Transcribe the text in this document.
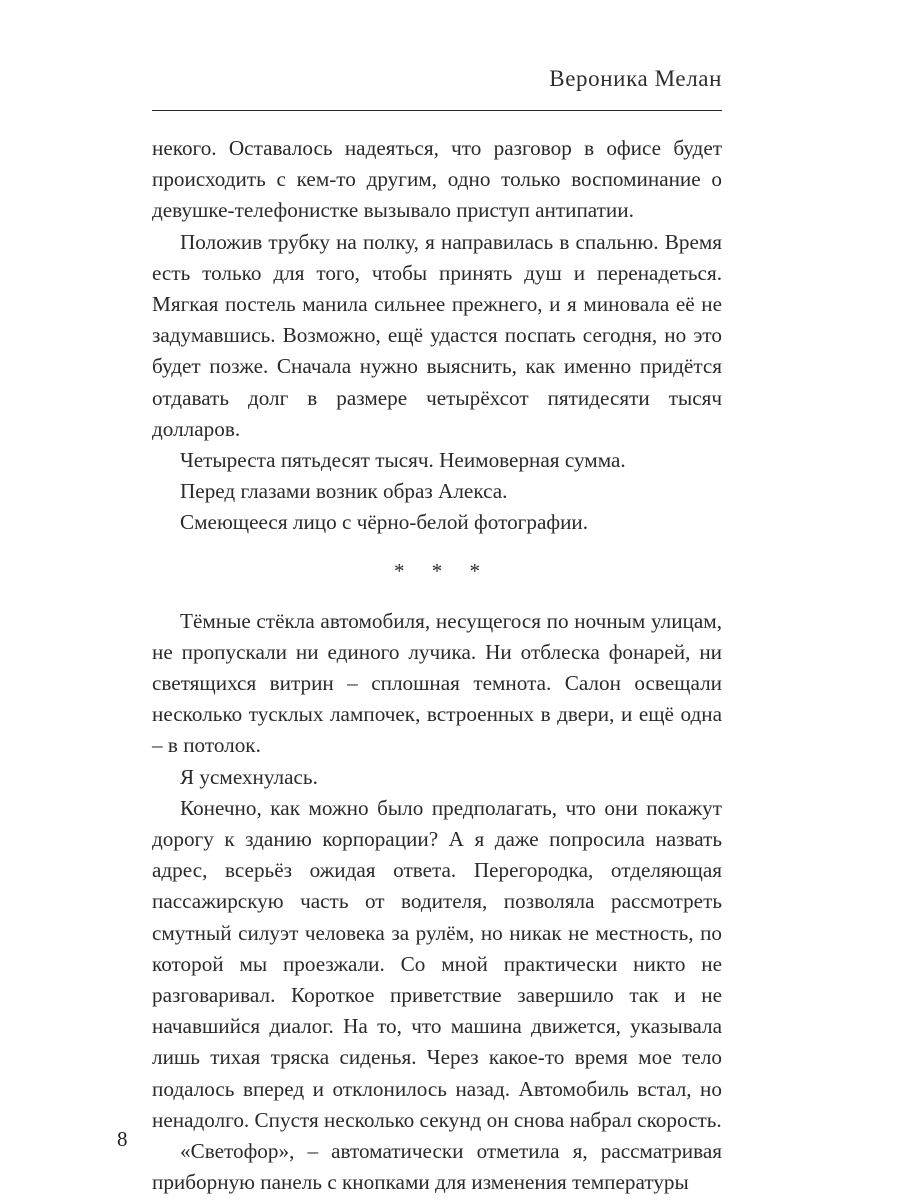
Вероника Мелан

некого. Оставалось надеяться, что разговор в офисе будет происходить с кем-то другим, одно только воспоминание о девушке-телефонистке вызывало приступ антипатии.

Положив трубку на полку, я направилась в спальню. Время есть только для того, чтобы принять душ и перенадеться. Мягкая постель манила сильнее прежнего, и я миновала её не задумавшись. Возможно, ещё удастся поспать сегодня, но это будет позже. Сначала нужно выяснить, как именно придётся отдавать долг в размере четырёхсот пятидесяти тысяч долларов.

Четыреста пятьдесят тысяч. Неимоверная сумма.

Перед глазами возник образ Алекса.

Смеющееся лицо с чёрно-белой фотографии.

* * *

Тёмные стёкла автомобиля, несущегося по ночным улицам, не пропускали ни единого лучика. Ни отблеска фонарей, ни светящихся витрин – сплошная темнота. Салон освещали несколько тусклых лампочек, встроенных в двери, и ещё одна – в потолок.

Я усмехнулась.

Конечно, как можно было предполагать, что они покажут дорогу к зданию корпорации? А я даже попросила назвать адрес, всерьёз ожидая ответа. Перегородка, отделяющая пассажирскую часть от водителя, позволяла рассмотреть смутный силуэт человека за рулём, но никак не местность, по которой мы проезжали. Со мной практически никто не разговаривал. Короткое приветствие завершило так и не начавшийся диалог. На то, что машина движется, указывала лишь тихая тряска сиденья. Через какое-то время мое тело подалось вперед и отклонилось назад. Автомобиль встал, но ненадолго. Спустя несколько секунд он снова набрал скорость.

«Светофор», – автоматически отметила я, рассматривая приборную панель с кнопками для изменения температуры

8
